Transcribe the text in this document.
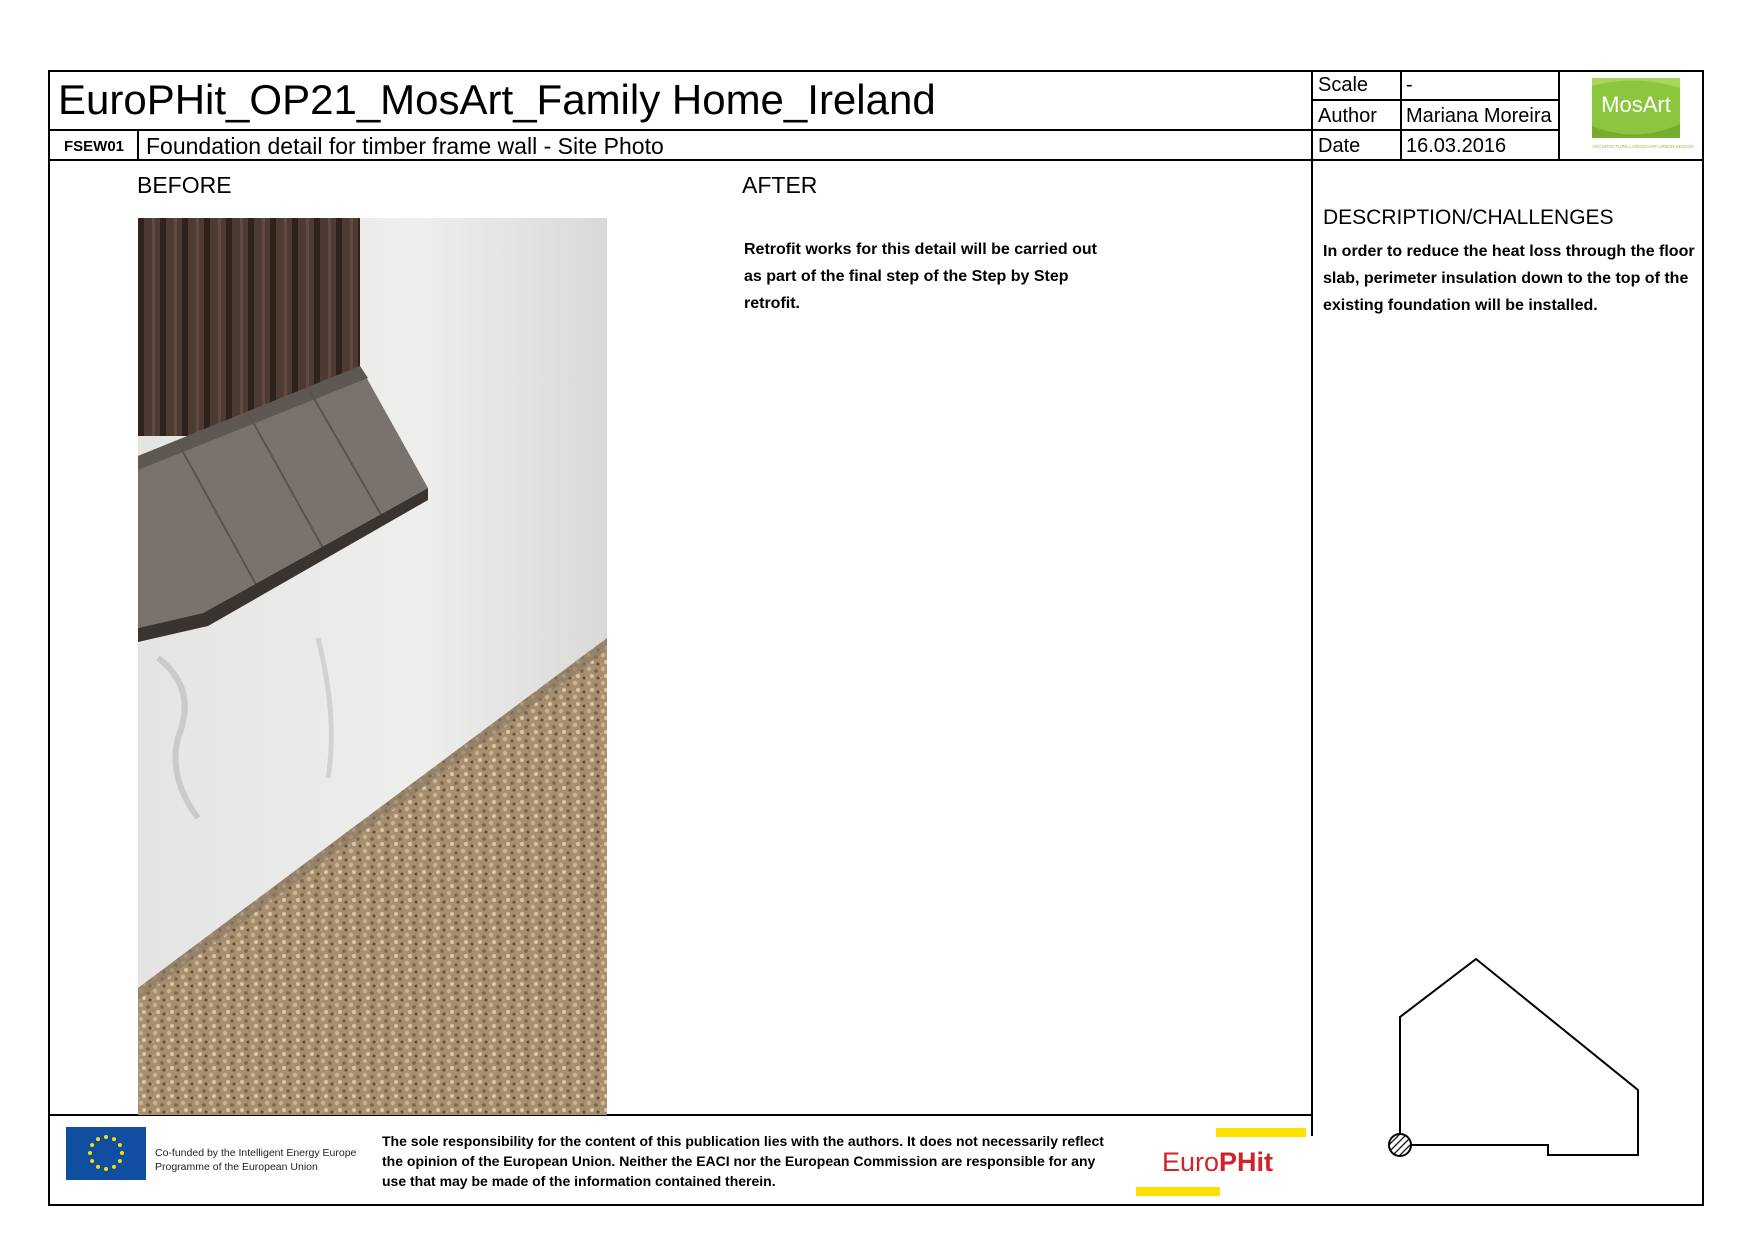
EuroPHit_OP21_MosArt_Family Home_Ireland
FSEW01 Foundation detail for timber frame wall - Site Photo
Scale -
Author Mariana Moreira
Date 16.03.2016
MosArt
ARCHITECTURE LANDSCAPE URBAN DESIGN
BEFORE	AFTER
Retrofit works for this detail will be carried out as part of the final step of the Step by Step retrofit.
DESCRIPTION/CHALLENGES
In order to reduce the heat loss through the floor slab, perimeter insulation down to the top of the existing foundation will be installed.
Co-funded by the Intelligent Energy Europe
Programme of the European Union
The sole responsibility for the content of this publication lies with the authors. It does not necessarily reflect the opinion of the European Union. Neither the EACI nor the European Commission are responsible for any use that may be made of the information contained therein.
EuroPHit
